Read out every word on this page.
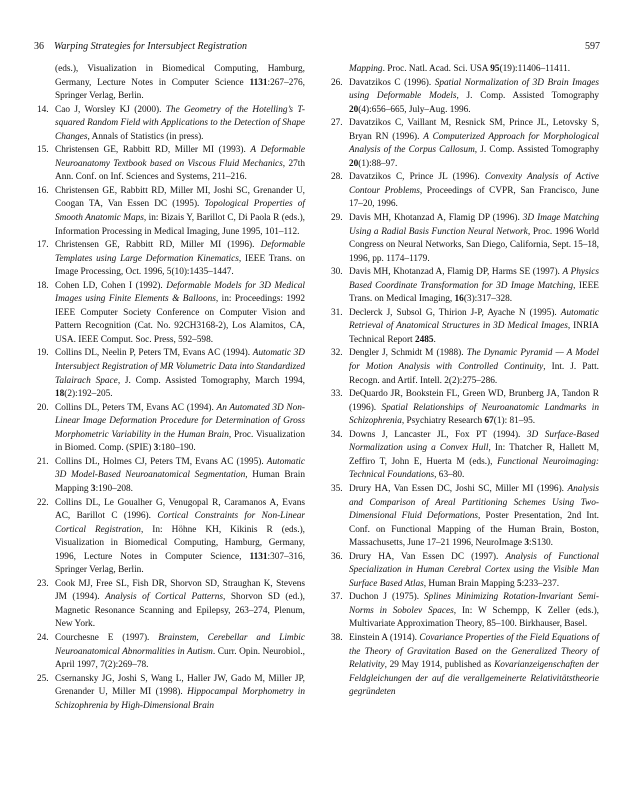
36 Warping Strategies for Intersubject Registration	597
(eds.), Visualization in Biomedical Computing, Hamburg, Germany, Lecture Notes in Computer Science 1131:267–276, Springer Verlag, Berlin.
14. Cao J, Worsley KJ (2000). The Geometry of the Hotelling’s T-squared Random Field with Applications to the Detection of Shape Changes, Annals of Statistics (in press).
15. Christensen GE, Rabbitt RD, Miller MI (1993). A Deformable Neuroanatomy Textbook based on Viscous Fluid Mechanics, 27th Ann. Conf. on Inf. Sciences and Systems, 211–216.
16. Christensen GE, Rabbitt RD, Miller MI, Joshi SC, Grenander U, Coogan TA, Van Essen DC (1995). Topological Properties of Smooth Anatomic Maps, in: Bizais Y, Barillot C, Di Paola R (eds.), Information Processing in Medical Imaging, June 1995, 101–112.
17. Christensen GE, Rabbitt RD, Miller MI (1996). Deformable Templates using Large Deformation Kinematics, IEEE Trans. on Image Processing, Oct. 1996, 5(10):1435–1447.
18. Cohen LD, Cohen I (1992). Deformable Models for 3D Medical Images using Finite Elements & Balloons, in: Proceedings: 1992 IEEE Computer Society Conference on Computer Vision and Pattern Recognition (Cat. No. 92CH3168-2), Los Alamitos, CA, USA. IEEE Comput. Soc. Press, 592–598.
19. Collins DL, Neelin P, Peters TM, Evans AC (1994). Automatic 3D Intersubject Registration of MR Volumetric Data into Standardized Talairach Space, J. Comp. Assisted Tomography, March 1994, 18(2):192–205.
20. Collins DL, Peters TM, Evans AC (1994). An Automated 3D Non-Linear Image Deformation Procedure for Determination of Gross Morphometric Variability in the Human Brain, Proc. Visualization in Biomed. Comp. (SPIE) 3:180–190.
21. Collins DL, Holmes CJ, Peters TM, Evans AC (1995). Automatic 3D Model-Based Neuroanatomical Segmentation, Human Brain Mapping 3:190–208.
22. Collins DL, Le Goualher G, Venugopal R, Caramanos A, Evans AC, Barillot C (1996). Cortical Constraints for Non-Linear Cortical Registration, In: Höhne KH, Kikinis R (eds.), Visualization in Biomedical Computing, Hamburg, Germany, 1996, Lecture Notes in Computer Science, 1131:307–316, Springer Verlag, Berlin.
23. Cook MJ, Free SL, Fish DR, Shorvon SD, Straughan K, Stevens JM (1994). Analysis of Cortical Patterns, Shorvon SD (ed.), Magnetic Resonance Scanning and Epilepsy, 263–274, Plenum, New York.
24. Courchesne E (1997). Brainstem, Cerebellar and Limbic Neuroanatomical Abnormalities in Autism. Curr. Opin. Neurobiol., April 1997, 7(2):269–78.
25. Csernansky JG, Joshi S, Wang L, Haller JW, Gado M, Miller JP, Grenander U, Miller MI (1998). Hippocampal Morphometry in Schizophrenia by High-Dimensional Brain
Mapping. Proc. Natl. Acad. Sci. USA 95(19):11406–11411.
26. Davatzikos C (1996). Spatial Normalization of 3D Brain Images using Deformable Models, J. Comp. Assisted Tomography 20(4):656–665, July–Aug. 1996.
27. Davatzikos C, Vaillant M, Resnick SM, Prince JL, Letovsky S, Bryan RN (1996). A Computerized Approach for Morphological Analysis of the Corpus Callosum, J. Comp. Assisted Tomography 20(1):88–97.
28. Davatzikos C, Prince JL (1996). Convexity Analysis of Active Contour Problems, Proceedings of CVPR, San Francisco, June 17–20, 1996.
29. Davis MH, Khotanzad A, Flamig DP (1996). 3D Image Matching Using a Radial Basis Function Neural Network, Proc. 1996 World Congress on Neural Networks, San Diego, California, Sept. 15–18, 1996, pp. 1174–1179.
30. Davis MH, Khotanzad A, Flamig DP, Harms SE (1997). A Physics Based Coordinate Transformation for 3D Image Matching, IEEE Trans. on Medical Imaging, 16(3):317–328.
31. Declerck J, Subsol G, Thirion J-P, Ayache N (1995). Automatic Retrieval of Anatomical Structures in 3D Medical Images, INRIA Technical Report 2485.
32. Dengler J, Schmidt M (1988). The Dynamic Pyramid — A Model for Motion Analysis with Controlled Continuity, Int. J. Patt. Recogn. and Artif. Intell. 2(2):275–286.
33. DeQuardo JR, Bookstein FL, Green WD, Brunberg JA, Tandon R (1996). Spatial Relationships of Neuroanatomic Landmarks in Schizophrenia, Psychiatry Research 67(1): 81–95.
34. Downs J, Lancaster JL, Fox PT (1994). 3D Surface-Based Normalization using a Convex Hull, In: Thatcher R, Hallett M, Zeffiro T, John E, Huerta M (eds.), Functional Neuroimaging: Technical Foundations, 63–80.
35. Drury HA, Van Essen DC, Joshi SC, Miller MI (1996). Analysis and Comparison of Areal Partitioning Schemes Using Two-Dimensional Fluid Deformations, Poster Presentation, 2nd Int. Conf. on Functional Mapping of the Human Brain, Boston, Massachusetts, June 17–21 1996, NeuroImage 3:S130.
36. Drury HA, Van Essen DC (1997). Analysis of Functional Specialization in Human Cerebral Cortex using the Visible Man Surface Based Atlas, Human Brain Mapping 5:233–237.
37. Duchon J (1975). Splines Minimizing Rotation-Invariant Semi-Norms in Sobolev Spaces, In: W Schempp, K Zeller (eds.), Multivariate Approximation Theory, 85–100. Birkhauser, Basel.
38. Einstein A (1914). Covariance Properties of the Field Equations of the Theory of Gravitation Based on the Generalized Theory of Relativity, 29 May 1914, published as Kovarianzeigenschaften der Feldgleichungen der auf die verallgemeinerte Relativitätstheorie gegründeten
